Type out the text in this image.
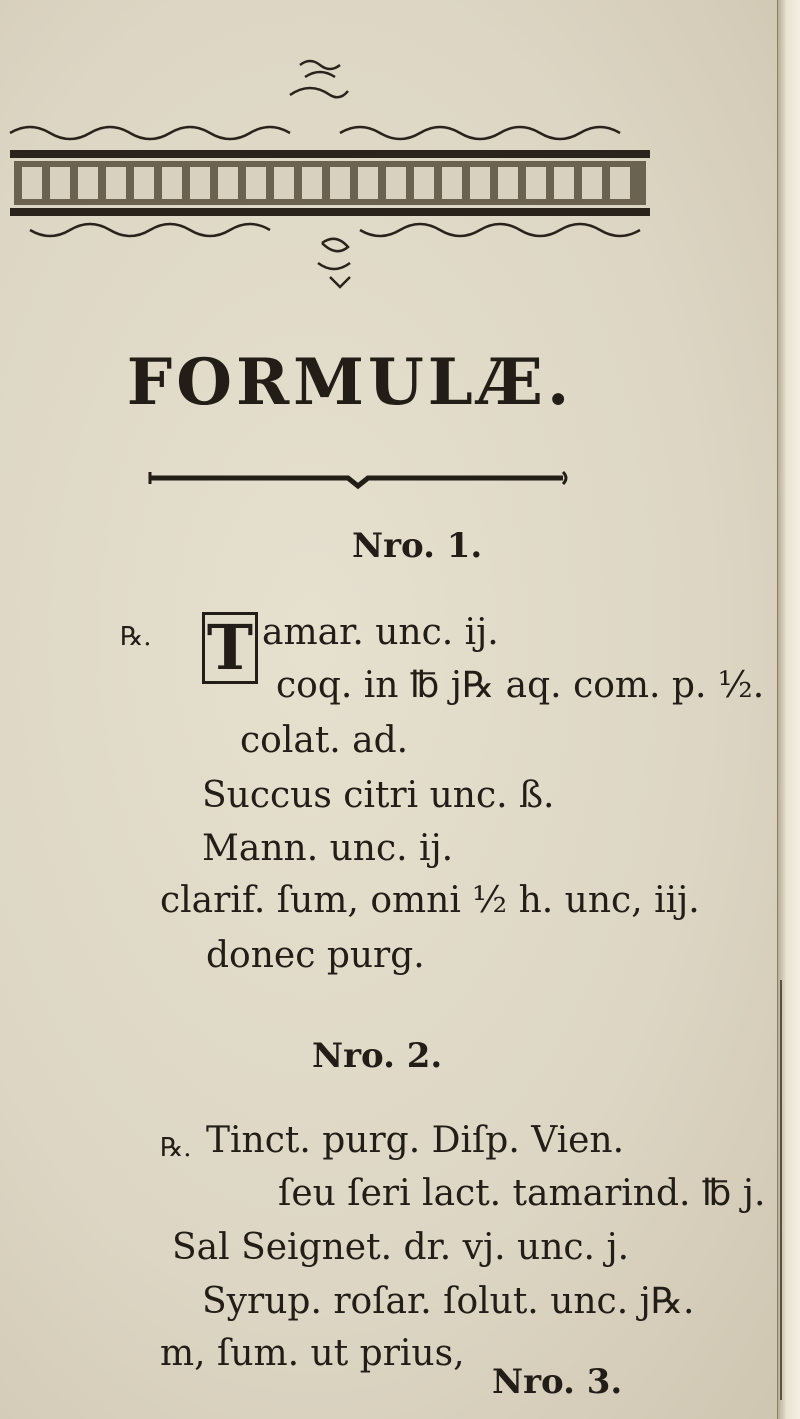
FORMULÆ.

Nro. 1.

℞. T amar. unc. ij.

coq. in ℔ j℞ aq. com. p. ½.

colat. ad.

Succus citri unc. ß.

Mann. unc. ij.

clarif. ſum, omni ½ h. unc, iij.

donec purg.

Nro. 2.

℞. Tinct. purg. Diſp. Vien.

ſeu ſeri lact. tamarind. ℔ j.

Sal Seignet. dr. vj. unc. j.

Syrup. roſar. ſolut. unc. j℞.

m, ſum. ut prius,

Nro. 3.
